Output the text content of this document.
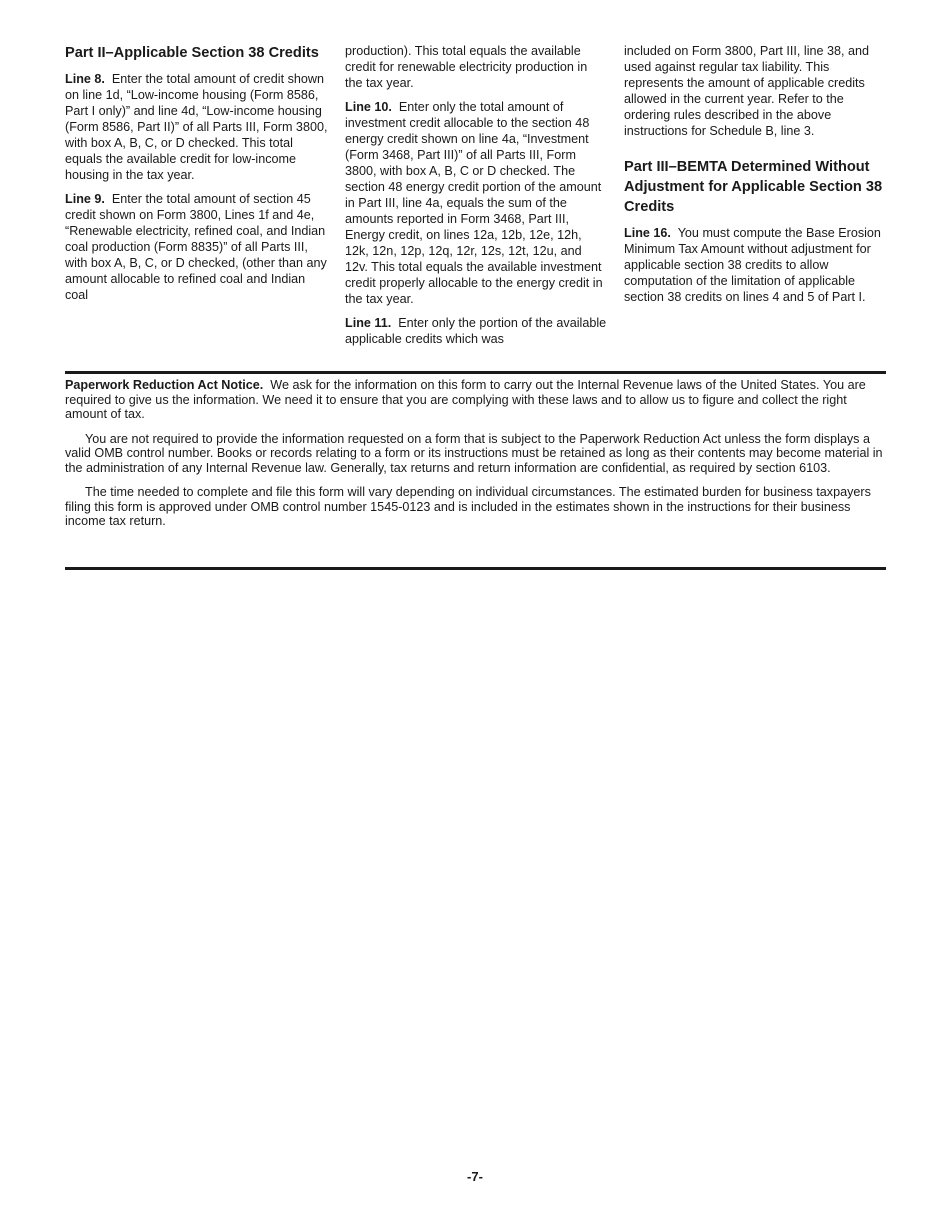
Part II–Applicable Section 38 Credits

Line 8. Enter the total amount of credit shown on line 1d, “Low-income housing (Form 8586, Part I only)” and line 4d, “Low-income housing (Form 8586, Part II)” of all Parts III, Form 3800, with box A, B, C, or D checked. This total equals the available credit for low-income housing in the tax year.

Line 9. Enter the total amount of section 45 credit shown on Form 3800, Lines 1f and 4e, “Renewable electricity, refined coal, and Indian coal production (Form 8835)” of all Parts III, with box A, B, C, or D checked, (other than any amount allocable to refined coal and Indian coal

production). This total equals the available credit for renewable electricity production in the tax year.

Line 10. Enter only the total amount of investment credit allocable to the section 48 energy credit shown on line 4a, “Investment (Form 3468, Part III)” of all Parts III, Form 3800, with box A, B, C or D checked. The section 48 energy credit portion of the amount in Part III, line 4a, equals the sum of the amounts reported in Form 3468, Part III, Energy credit, on lines 12a, 12b, 12e, 12h, 12k, 12n, 12p, 12q, 12r, 12s, 12t, 12u, and 12v. This total equals the available investment credit properly allocable to the energy credit in the tax year.

Line 11. Enter only the portion of the available applicable credits which was

included on Form 3800, Part III, line 38, and used against regular tax liability. This represents the amount of applicable credits allowed in the current year. Refer to the ordering rules described in the above instructions for Schedule B, line 3.

Part III–BEMTA Determined Without Adjustment for Applicable Section 38 Credits

Line 16. You must compute the Base Erosion Minimum Tax Amount without adjustment for applicable section 38 credits to allow computation of the limitation of applicable section 38 credits on lines 4 and 5 of Part I.

Paperwork Reduction Act Notice. We ask for the information on this form to carry out the Internal Revenue laws of the United States. You are required to give us the information. We need it to ensure that you are complying with these laws and to allow us to figure and collect the right amount of tax.

You are not required to provide the information requested on a form that is subject to the Paperwork Reduction Act unless the form displays a valid OMB control number. Books or records relating to a form or its instructions must be retained as long as their contents may become material in the administration of any Internal Revenue law. Generally, tax returns and return information are confidential, as required by section 6103.

The time needed to complete and file this form will vary depending on individual circumstances. The estimated burden for business taxpayers filing this form is approved under OMB control number 1545-0123 and is included in the estimates shown in the instructions for their business income tax return.

-7-
